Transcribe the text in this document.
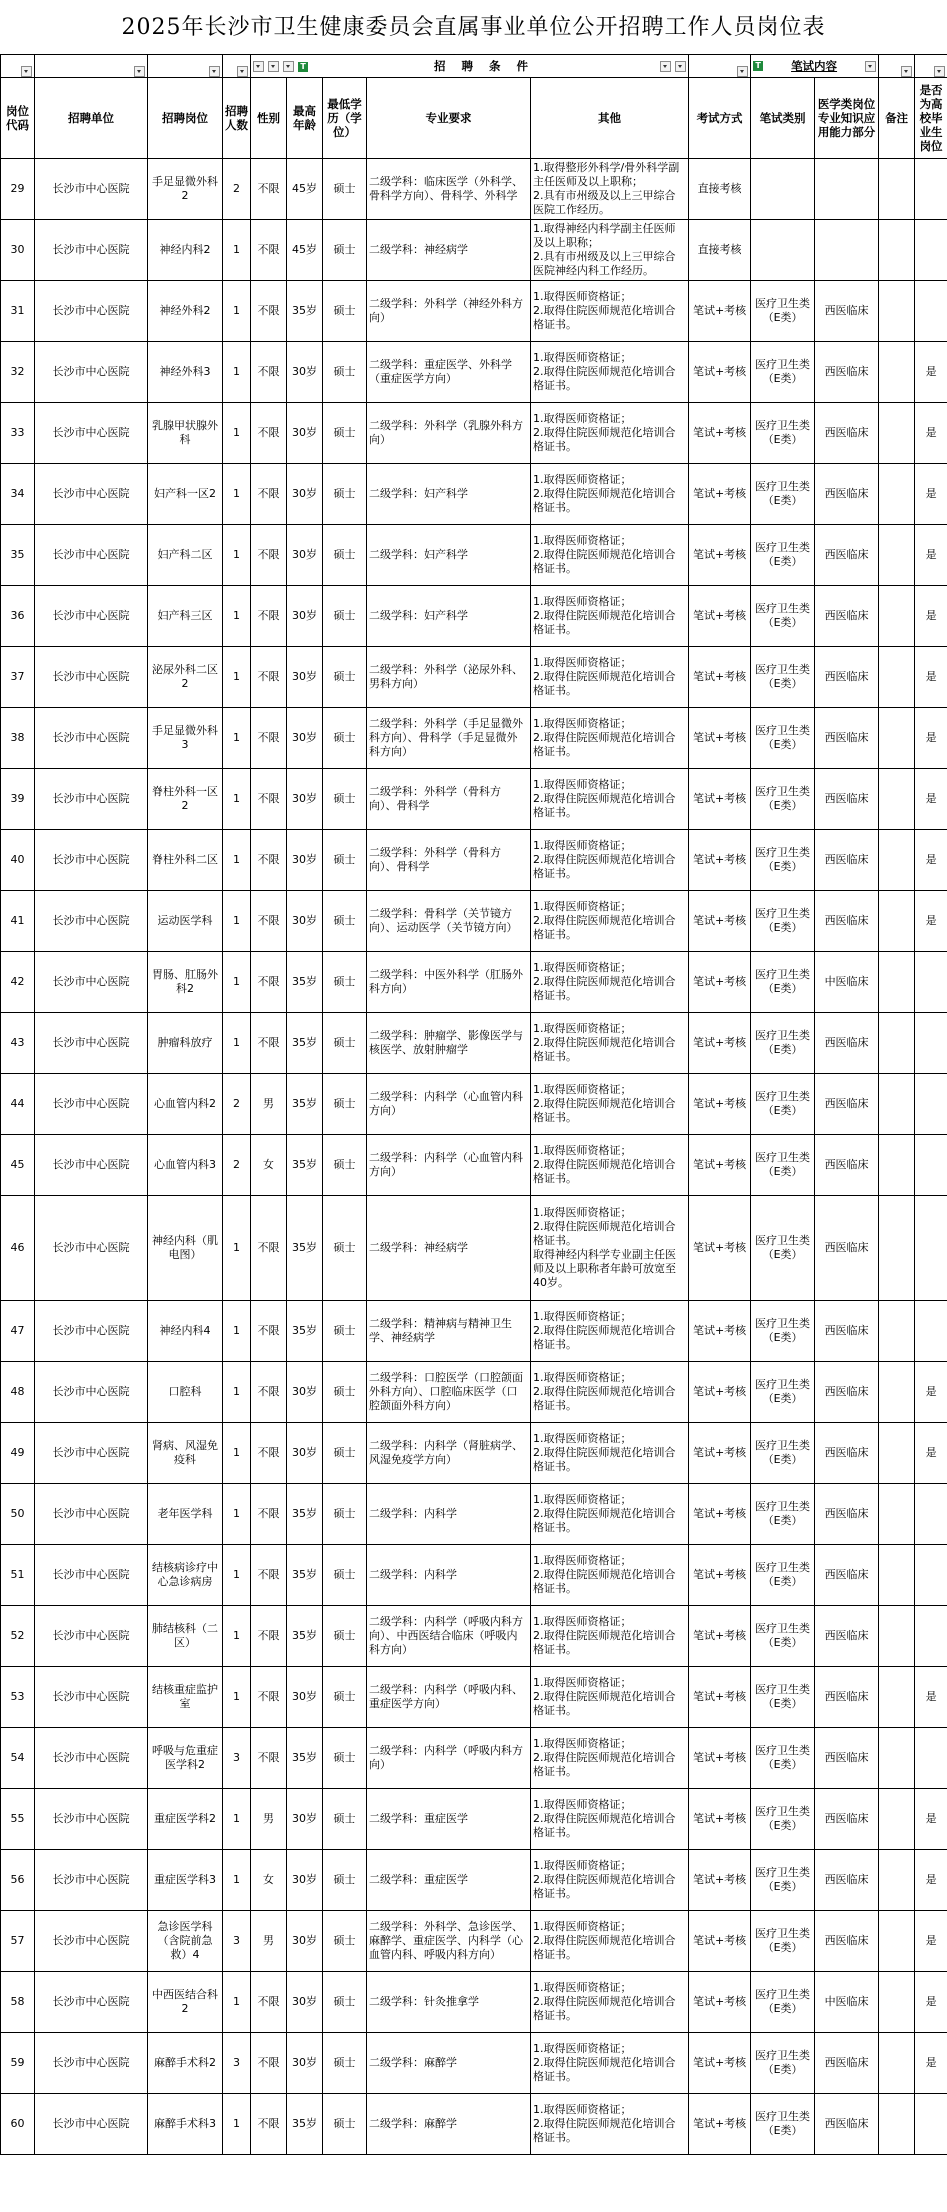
2025年长沙市卫生健康委员会直属事业单位公开招聘工作人员岗位表

				T 招 聘 条 件						T 笔试内容			

岗位代码	招聘单位	招聘岗位	招聘人数	性别	最高年龄	最低学历（学位）	专业要求	其他	考试方式	笔试类别	医学类岗位专业知识应用能力部分	备注	是否为高校毕业生岗位
29	长沙市中心医院	手足显微外科2	2	不限	45岁	硕士	二级学科：临床医学（外科学、骨科学方向）、骨科学、外科学	1.取得整形外科学/骨外科学副主任医师及以上职称；
2.具有市州级及以上三甲综合医院工作经历。	直接考核				
30	长沙市中心医院	神经内科2	1	不限	45岁	硕士	二级学科：神经病学	1.取得神经内科学副主任医师及以上职称；
2.具有市州级及以上三甲综合医院神经内科工作经历。	直接考核				
31	长沙市中心医院	神经外科2	1	不限	35岁	硕士	二级学科：外科学（神经外科方向）	1.取得医师资格证；
2.取得住院医师规范化培训合格证书。	笔试+考核	医疗卫生类（E类）	西医临床		
32	长沙市中心医院	神经外科3	1	不限	30岁	硕士	二级学科：重症医学、外科学（重症医学方向）	1.取得医师资格证；
2.取得住院医师规范化培训合格证书。	笔试+考核	医疗卫生类（E类）	西医临床		是
33	长沙市中心医院	乳腺甲状腺外科	1	不限	30岁	硕士	二级学科：外科学（乳腺外科方向）	1.取得医师资格证；
2.取得住院医师规范化培训合格证书。	笔试+考核	医疗卫生类（E类）	西医临床		是
34	长沙市中心医院	妇产科一区2	1	不限	30岁	硕士	二级学科：妇产科学	1.取得医师资格证；
2.取得住院医师规范化培训合格证书。	笔试+考核	医疗卫生类（E类）	西医临床		是
35	长沙市中心医院	妇产科二区	1	不限	30岁	硕士	二级学科：妇产科学	1.取得医师资格证；
2.取得住院医师规范化培训合格证书。	笔试+考核	医疗卫生类（E类）	西医临床		是
36	长沙市中心医院	妇产科三区	1	不限	30岁	硕士	二级学科：妇产科学	1.取得医师资格证；
2.取得住院医师规范化培训合格证书。	笔试+考核	医疗卫生类（E类）	西医临床		是
37	长沙市中心医院	泌尿外科二区2	1	不限	30岁	硕士	二级学科：外科学（泌尿外科、男科方向）	1.取得医师资格证；
2.取得住院医师规范化培训合格证书。	笔试+考核	医疗卫生类（E类）	西医临床		是
38	长沙市中心医院	手足显微外科3	1	不限	30岁	硕士	二级学科：外科学（手足显微外科方向）、骨科学（手足显微外科方向）	1.取得医师资格证；
2.取得住院医师规范化培训合格证书。	笔试+考核	医疗卫生类（E类）	西医临床		是
39	长沙市中心医院	脊柱外科一区2	1	不限	30岁	硕士	二级学科：外科学（骨科方向）、骨科学	1.取得医师资格证；
2.取得住院医师规范化培训合格证书。	笔试+考核	医疗卫生类（E类）	西医临床		是
40	长沙市中心医院	脊柱外科二区	1	不限	30岁	硕士	二级学科：外科学（骨科方向）、骨科学	1.取得医师资格证；
2.取得住院医师规范化培训合格证书。	笔试+考核	医疗卫生类（E类）	西医临床		是
41	长沙市中心医院	运动医学科	1	不限	30岁	硕士	二级学科：骨科学（关节镜方向）、运动医学（关节镜方向）	1.取得医师资格证；
2.取得住院医师规范化培训合格证书。	笔试+考核	医疗卫生类（E类）	西医临床		是
42	长沙市中心医院	胃肠、肛肠外科2	1	不限	35岁	硕士	二级学科：中医外科学（肛肠外科方向）	1.取得医师资格证；
2.取得住院医师规范化培训合格证书。	笔试+考核	医疗卫生类（E类）	中医临床		
43	长沙市中心医院	肿瘤科放疗	1	不限	35岁	硕士	二级学科：肿瘤学、影像医学与核医学、放射肿瘤学	1.取得医师资格证；
2.取得住院医师规范化培训合格证书。	笔试+考核	医疗卫生类（E类）	西医临床		
44	长沙市中心医院	心血管内科2	2	男	35岁	硕士	二级学科：内科学（心血管内科方向）	1.取得医师资格证；
2.取得住院医师规范化培训合格证书。	笔试+考核	医疗卫生类（E类）	西医临床		
45	长沙市中心医院	心血管内科3	2	女	35岁	硕士	二级学科：内科学（心血管内科方向）	1.取得医师资格证；
2.取得住院医师规范化培训合格证书。	笔试+考核	医疗卫生类（E类）	西医临床		
46	长沙市中心医院	神经内科（肌电图）	1	不限	35岁	硕士	二级学科：神经病学	1.取得医师资格证；
2.取得住院医师规范化培训合格证书。
取得神经内科学专业副主任医师及以上职称者年龄可放宽至40岁。	笔试+考核	医疗卫生类（E类）	西医临床		
47	长沙市中心医院	神经内科4	1	不限	35岁	硕士	二级学科：精神病与精神卫生学、神经病学	1.取得医师资格证；
2.取得住院医师规范化培训合格证书。	笔试+考核	医疗卫生类（E类）	西医临床		
48	长沙市中心医院	口腔科	1	不限	30岁	硕士	二级学科：口腔医学（口腔颌面外科方向）、口腔临床医学（口腔颌面外科方向）	1.取得医师资格证；
2.取得住院医师规范化培训合格证书。	笔试+考核	医疗卫生类（E类）	西医临床		是
49	长沙市中心医院	肾病、风湿免疫科	1	不限	30岁	硕士	二级学科：内科学（肾脏病学、风湿免疫学方向）	1.取得医师资格证；
2.取得住院医师规范化培训合格证书。	笔试+考核	医疗卫生类（E类）	西医临床		是
50	长沙市中心医院	老年医学科	1	不限	35岁	硕士	二级学科：内科学	1.取得医师资格证；
2.取得住院医师规范化培训合格证书。	笔试+考核	医疗卫生类（E类）	西医临床		
51	长沙市中心医院	结核病诊疗中心急诊病房	1	不限	35岁	硕士	二级学科：内科学	1.取得医师资格证；
2.取得住院医师规范化培训合格证书。	笔试+考核	医疗卫生类（E类）	西医临床		
52	长沙市中心医院	肺结核科（二区）	1	不限	35岁	硕士	二级学科：内科学（呼吸内科方向）、中西医结合临床（呼吸内科方向）	1.取得医师资格证；
2.取得住院医师规范化培训合格证书。	笔试+考核	医疗卫生类（E类）	西医临床		
53	长沙市中心医院	结核重症监护室	1	不限	30岁	硕士	二级学科：内科学（呼吸内科、重症医学方向）	1.取得医师资格证；
2.取得住院医师规范化培训合格证书。	笔试+考核	医疗卫生类（E类）	西医临床		是
54	长沙市中心医院	呼吸与危重症医学科2	3	不限	35岁	硕士	二级学科：内科学（呼吸内科方向）	1.取得医师资格证；
2.取得住院医师规范化培训合格证书。	笔试+考核	医疗卫生类（E类）	西医临床		
55	长沙市中心医院	重症医学科2	1	男	30岁	硕士	二级学科：重症医学	1.取得医师资格证；
2.取得住院医师规范化培训合格证书。	笔试+考核	医疗卫生类（E类）	西医临床		是
56	长沙市中心医院	重症医学科3	1	女	30岁	硕士	二级学科：重症医学	1.取得医师资格证；
2.取得住院医师规范化培训合格证书。	笔试+考核	医疗卫生类（E类）	西医临床		是
57	长沙市中心医院	急诊医学科（含院前急救）4	3	男	30岁	硕士	二级学科：外科学、急诊医学、麻醉学、重症医学、内科学（心血管内科、呼吸内科方向）	1.取得医师资格证；
2.取得住院医师规范化培训合格证书。	笔试+考核	医疗卫生类（E类）	西医临床		是
58	长沙市中心医院	中西医结合科2	1	不限	30岁	硕士	二级学科：针灸推拿学	1.取得医师资格证；
2.取得住院医师规范化培训合格证书。	笔试+考核	医疗卫生类（E类）	中医临床		是
59	长沙市中心医院	麻醉手术科2	3	不限	30岁	硕士	二级学科：麻醉学	1.取得医师资格证；
2.取得住院医师规范化培训合格证书。	笔试+考核	医疗卫生类（E类）	西医临床		是
60	长沙市中心医院	麻醉手术科3	1	不限	35岁	硕士	二级学科：麻醉学	1.取得医师资格证；
2.取得住院医师规范化培训合格证书。	笔试+考核	医疗卫生类（E类）	西医临床		
